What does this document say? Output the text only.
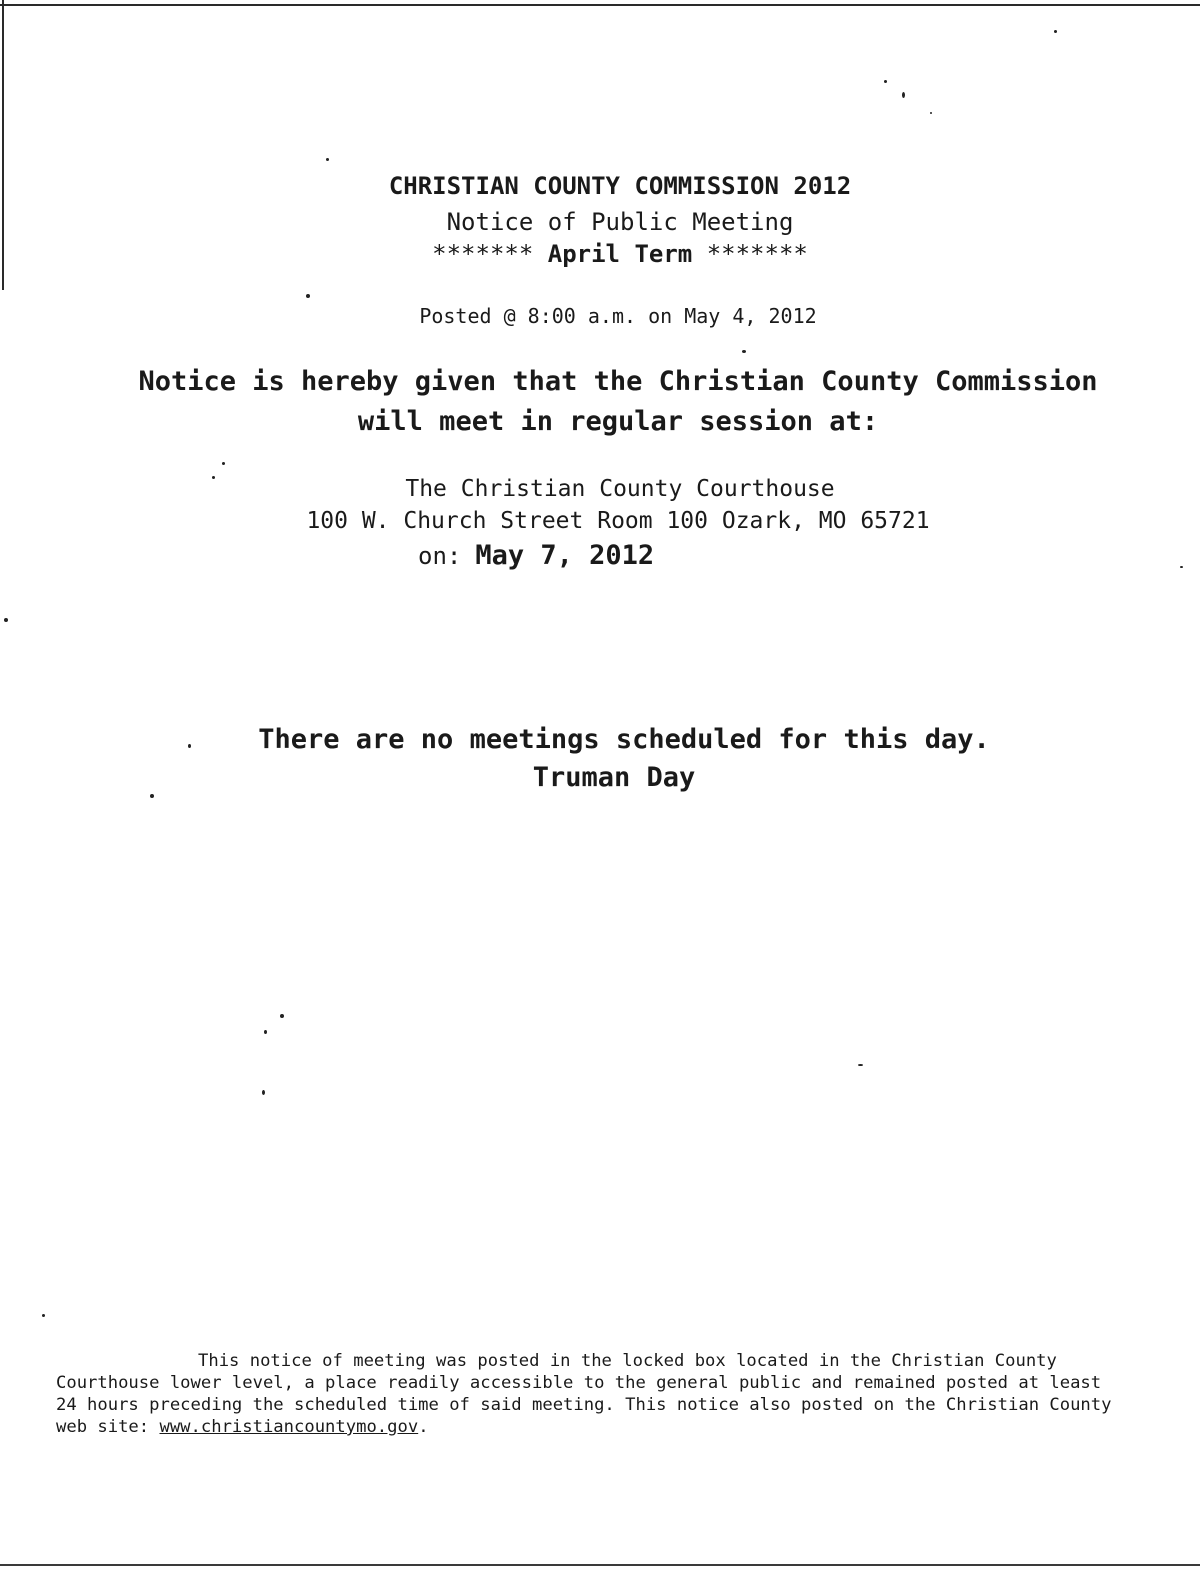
CHRISTIAN COUNTY COMMISSION 2012
Notice of Public Meeting
******* April Term *******
Posted @ 8:00 a.m. on May 4, 2012
Notice is hereby given that the Christian County Commission
will meet in regular session at:
The Christian County Courthouse
100 W. Church Street Room 100 Ozark, MO 65721
on: May 7, 2012
There are no meetings scheduled for this day.
Truman Day
This notice of meeting was posted in the locked box located in the Christian County
Courthouse lower level, a place readily accessible to the general public and remained posted at least
24 hours preceding the scheduled time of said meeting. This notice also posted on the Christian County
web site: www.christiancountymo.gov.
